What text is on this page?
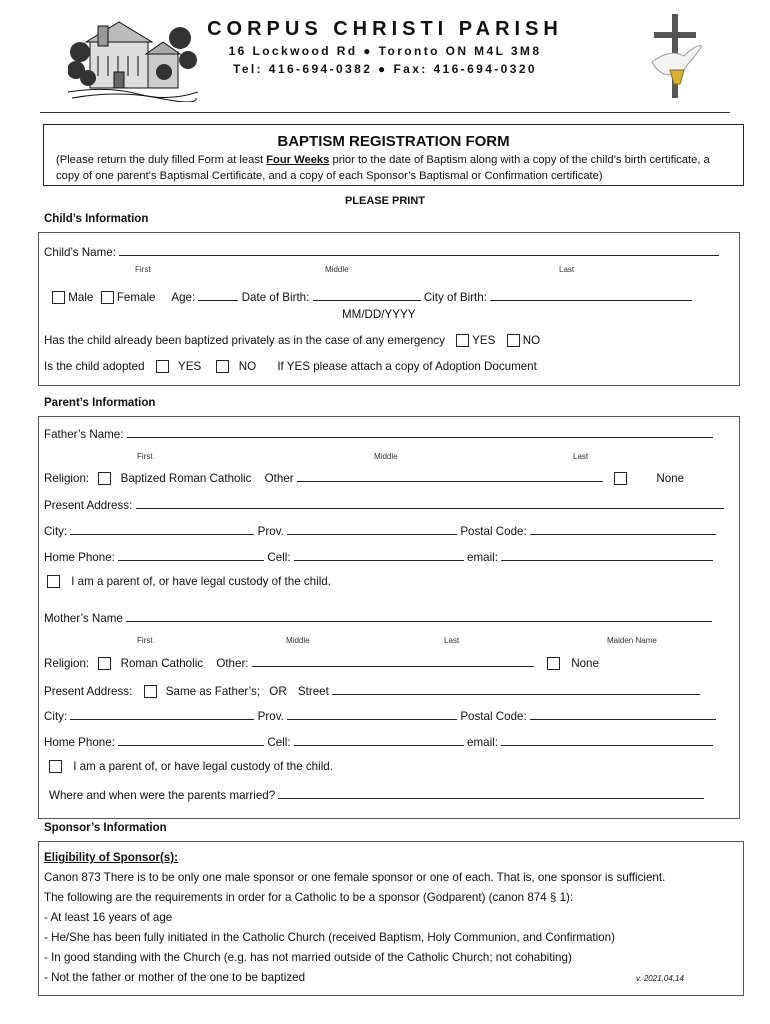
CORPUS CHRISTI PARISH
16 Lockwood Rd ● Toronto ON M4L 3M8
Tel: 416-694-0382 ● Fax: 416-694-0320
BAPTISM REGISTRATION FORM
(Please return the duly filled Form at least Four Weeks prior to the date of Baptism along with a copy of the child’s birth certificate, a copy of one parent’s Baptismal Certificate, and a copy of each Sponsor’s Baptismal or Confirmation certificate)
PLEASE PRINT
Child’s Information
Child’s Name:
First	Middle	Last
Male Female Age:	Date of Birth:	City of Birth:
MM/DD/YYYY
Has the child already been baptized privately as in the case of any emergency YES NO
Is the child adopted	YES	NO If YES please attach a copy of Adoption Document
Parent’s Information
Father’s Name:
First	Middle	Last
Religion:	Baptized Roman Catholic Other	None
Present Address:
City:	Prov.	Postal Code:
Home Phone:	Cell:	email:
I am a parent of, or have legal custody of the child.
Mother’s Name
First	Middle	Last	Maiden Name
Religion:	Roman Catholic Other:	None
Present Address:	Same as Father’s; OR Street
City:	Prov.	Postal Code:
Home Phone:	Cell:	email:
I am a parent of, or have legal custody of the child.
Where and when were the parents married?
Sponsor’s Information
Eligibility of Sponsor(s):
Canon 873 There is to be only one male sponsor or one female sponsor or one of each. That is, one sponsor is sufficient.
The following are the requirements in order for a Catholic to be a sponsor (Godparent) (canon 874 § 1):
- At least 16 years of age
- He/She has been fully initiated in the Catholic Church (received Baptism, Holy Communion, and Confirmation)
- In good standing with the Church (e.g. has not married outside of the Catholic Church; not cohabiting)
- Not the father or mother of the one to be baptized	v. 2021,04,14
